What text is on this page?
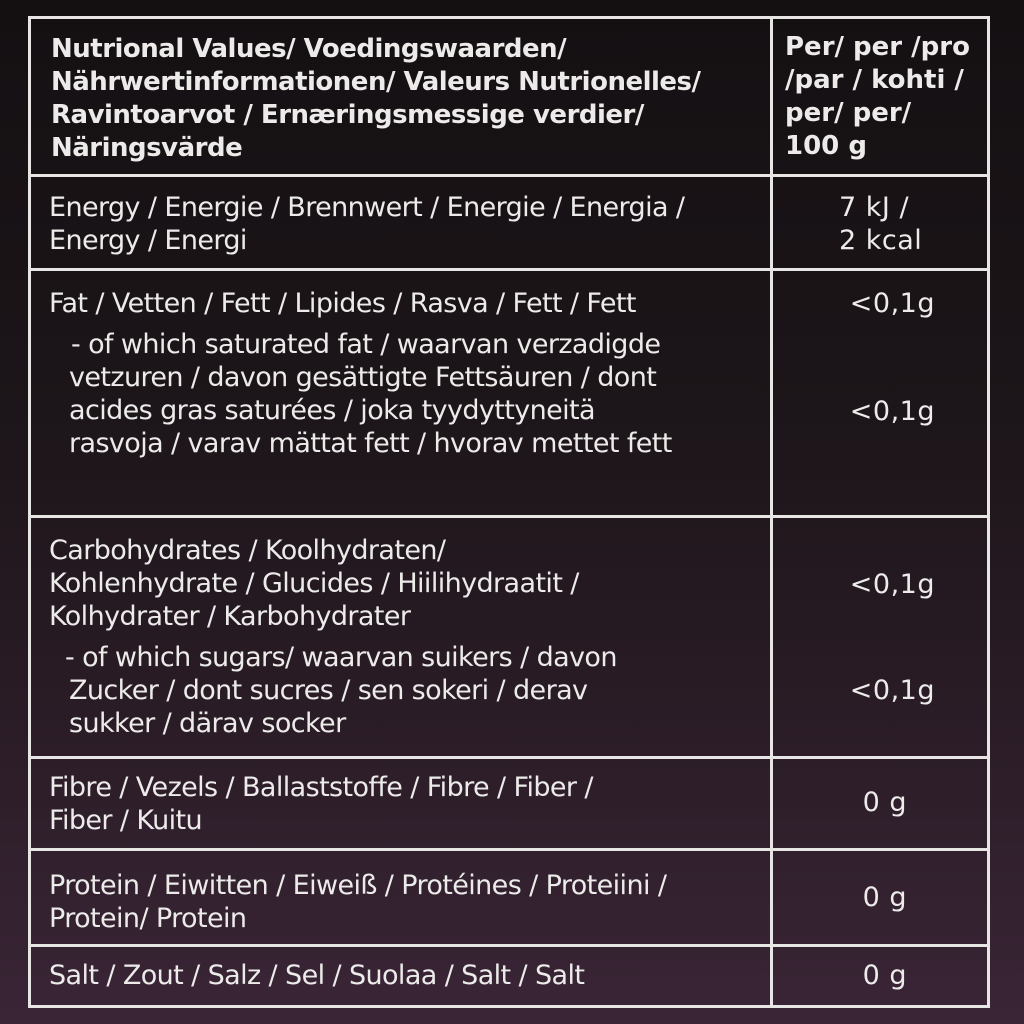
Nutrional Values/ Voedingswaarden/
Nährwertinformationen/ Valeurs Nutrionelles/
Ravintoarvot / Ernæringsmessige verdier/
Näringsvärde
Per/ per /pro
/par / kohti /
per/ per/
100 g
Energy / Energie / Brennwert / Energie / Energia /
Energy / Energi
7 kJ /
2 kcal
Fat / Vetten / Fett / Lipides / Rasva / Fett / Fett
- of which saturated fat / waarvan verzadigde
vetzuren / davon gesättigte Fettsäuren / dont
acides gras saturées / joka tyydyttyneitä
rasvoja / varav mättat fett / hvorav mettet fett
<0,1g
<0,1g
Carbohydrates / Koolhydraten/
Kohlenhydrate / Glucides / Hiilihydraatit /
Kolhydrater / Karbohydrater
- of which sugars/ waarvan suikers / davon
Zucker / dont sucres / sen sokeri / derav
sukker / därav socker
<0,1g
<0,1g
Fibre / Vezels / Ballaststoffe / Fibre / Fiber /
Fiber / Kuitu
0 g
Protein / Eiwitten / Eiweiß / Protéines / Proteiini /
Protein/ Protein
0 g
Salt / Zout / Salz / Sel / Suolaa / Salt / Salt	0 g
